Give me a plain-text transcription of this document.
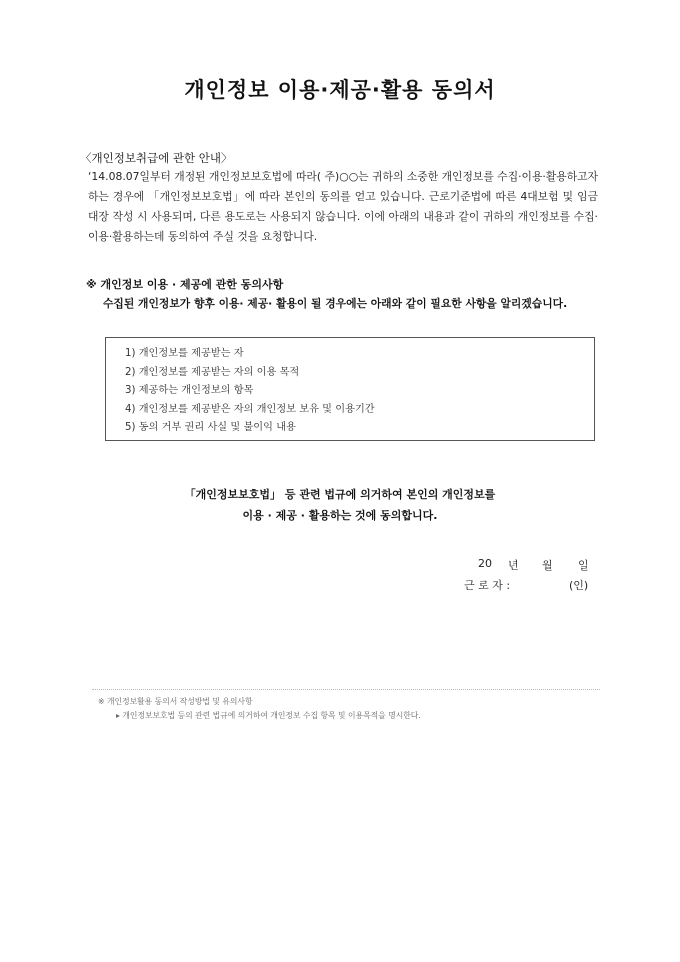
개인정보 이용·제공·활용 동의서
〈개인정보취급에 관한 안내〉
‘14.08.07일부터 개정된 개인정보보호법에 따라( 주)○○는 귀하의 소중한 개인정보를 수집·이용·활용하고자 하는 경우에 「개인정보보호법」에 따라 본인의 동의를 얻고 있습니다. 근로기준법에 따른 4대보험 및 임금대장 작성 시 사용되며, 다른 용도로는 사용되지 않습니다. 이에 아래의 내용과 같이 귀하의 개인정보를 수집·이용·활용하는데 동의하여 주실 것을 요청합니다.
※ 개인정보 이용 · 제공에 관한 동의사항
수집된 개인정보가 향후 이용· 제공· 활용이 될 경우에는 아래와 같이 필요한 사항을 알리겠습니다.
1) 개인정보를 제공받는 자
2) 개인정보를 제공받는 자의 이용 목적
3) 제공하는 개인정보의 항목
4) 개인정보를 제공받은 자의 개인정보 보유 및 이용기간
5) 동의 거부 권리 사실 및 불이익 내용
「개인정보보호법」 등 관련 법규에 의거하여 본인의 개인정보를
이용 · 제공 · 활용하는 것에 동의합니다.
20 년 월 일
근 로 자 :	(인)
※ 개인정보활용 동의서 작성방법 및 유의사항
▸ 개인정보보호법 등의 관련 법규에 의거하여 개인정보 수집 항목 및 이용목적을 명시한다.
